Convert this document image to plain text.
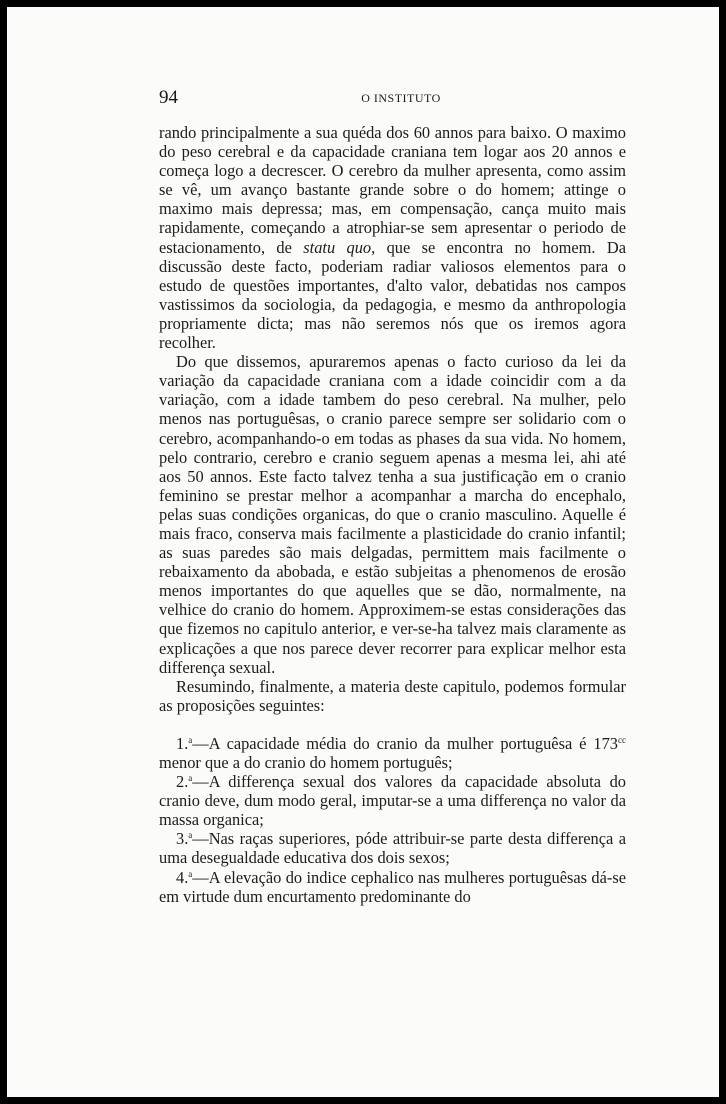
94	O INSTITUTO

rando principalmente a sua quéda dos 60 annos para baixo. O maximo do peso cerebral e da capacidade craniana tem logar aos 20 annos e começa logo a decrescer. O cerebro da mulher apresenta, como assim se vê, um avanço bastante grande sobre o do homem; attinge o maximo mais depressa; mas, em compensação, cança muito mais rapidamente, começando a atrophiar-se sem apresentar o periodo de estacionamento, de statu quo, que se encontra no homem. Da discussão deste facto, poderiam radiar valiosos elementos para o estudo de questões importantes, d'alto valor, debatidas nos campos vastissimos da sociologia, da pedagogia, e mesmo da anthropologia propriamente dicta; mas não seremos nós que os iremos agora recolher.

Do que dissemos, apuraremos apenas o facto curioso da lei da variação da capacidade craniana com a idade coincidir com a da variação, com a idade tambem do peso cerebral. Na mulher, pelo menos nas portuguêsas, o cranio parece sempre ser solidario com o cerebro, acompanhando-o em todas as phases da sua vida. No homem, pelo contrario, cerebro e cranio seguem apenas a mesma lei, ahi até aos 50 annos. Este facto talvez tenha a sua justificação em o cranio feminino se prestar melhor a acompanhar a marcha do encephalo, pelas suas condições organicas, do que o cranio masculino. Aquelle é mais fraco, conserva mais facilmente a plasticidade do cranio infantil; as suas paredes são mais delgadas, permittem mais facilmente o rebaixamento da abobada, e estão subjeitas a phenomenos de erosão menos importantes do que aquelles que se dão, normalmente, na velhice do cranio do homem. Approximem-se estas considerações das que fizemos no capitulo anterior, e ver-se-ha talvez mais claramente as explicações a que nos parece dever recorrer para explicar melhor esta differença sexual.

Resumindo, finalmente, a materia deste capitulo, podemos formular as proposições seguintes:

1.$^a$—A capacidade média do cranio da mulher portuguêsa é $173^{cc}$ menor que a do cranio do homem português;

2.$^a$—A differença sexual dos valores da capacidade absoluta do cranio deve, dum modo geral, imputar-se a uma differença no valor da massa organica;

3.$^a$—Nas raças superiores, póde attribuir-se parte desta differença a uma desegualdade educativa dos dois sexos;

4.$^a$—A elevação do indice cephalico nas mulheres portuguêsas dá-se em virtude dum encurtamento predominante do
